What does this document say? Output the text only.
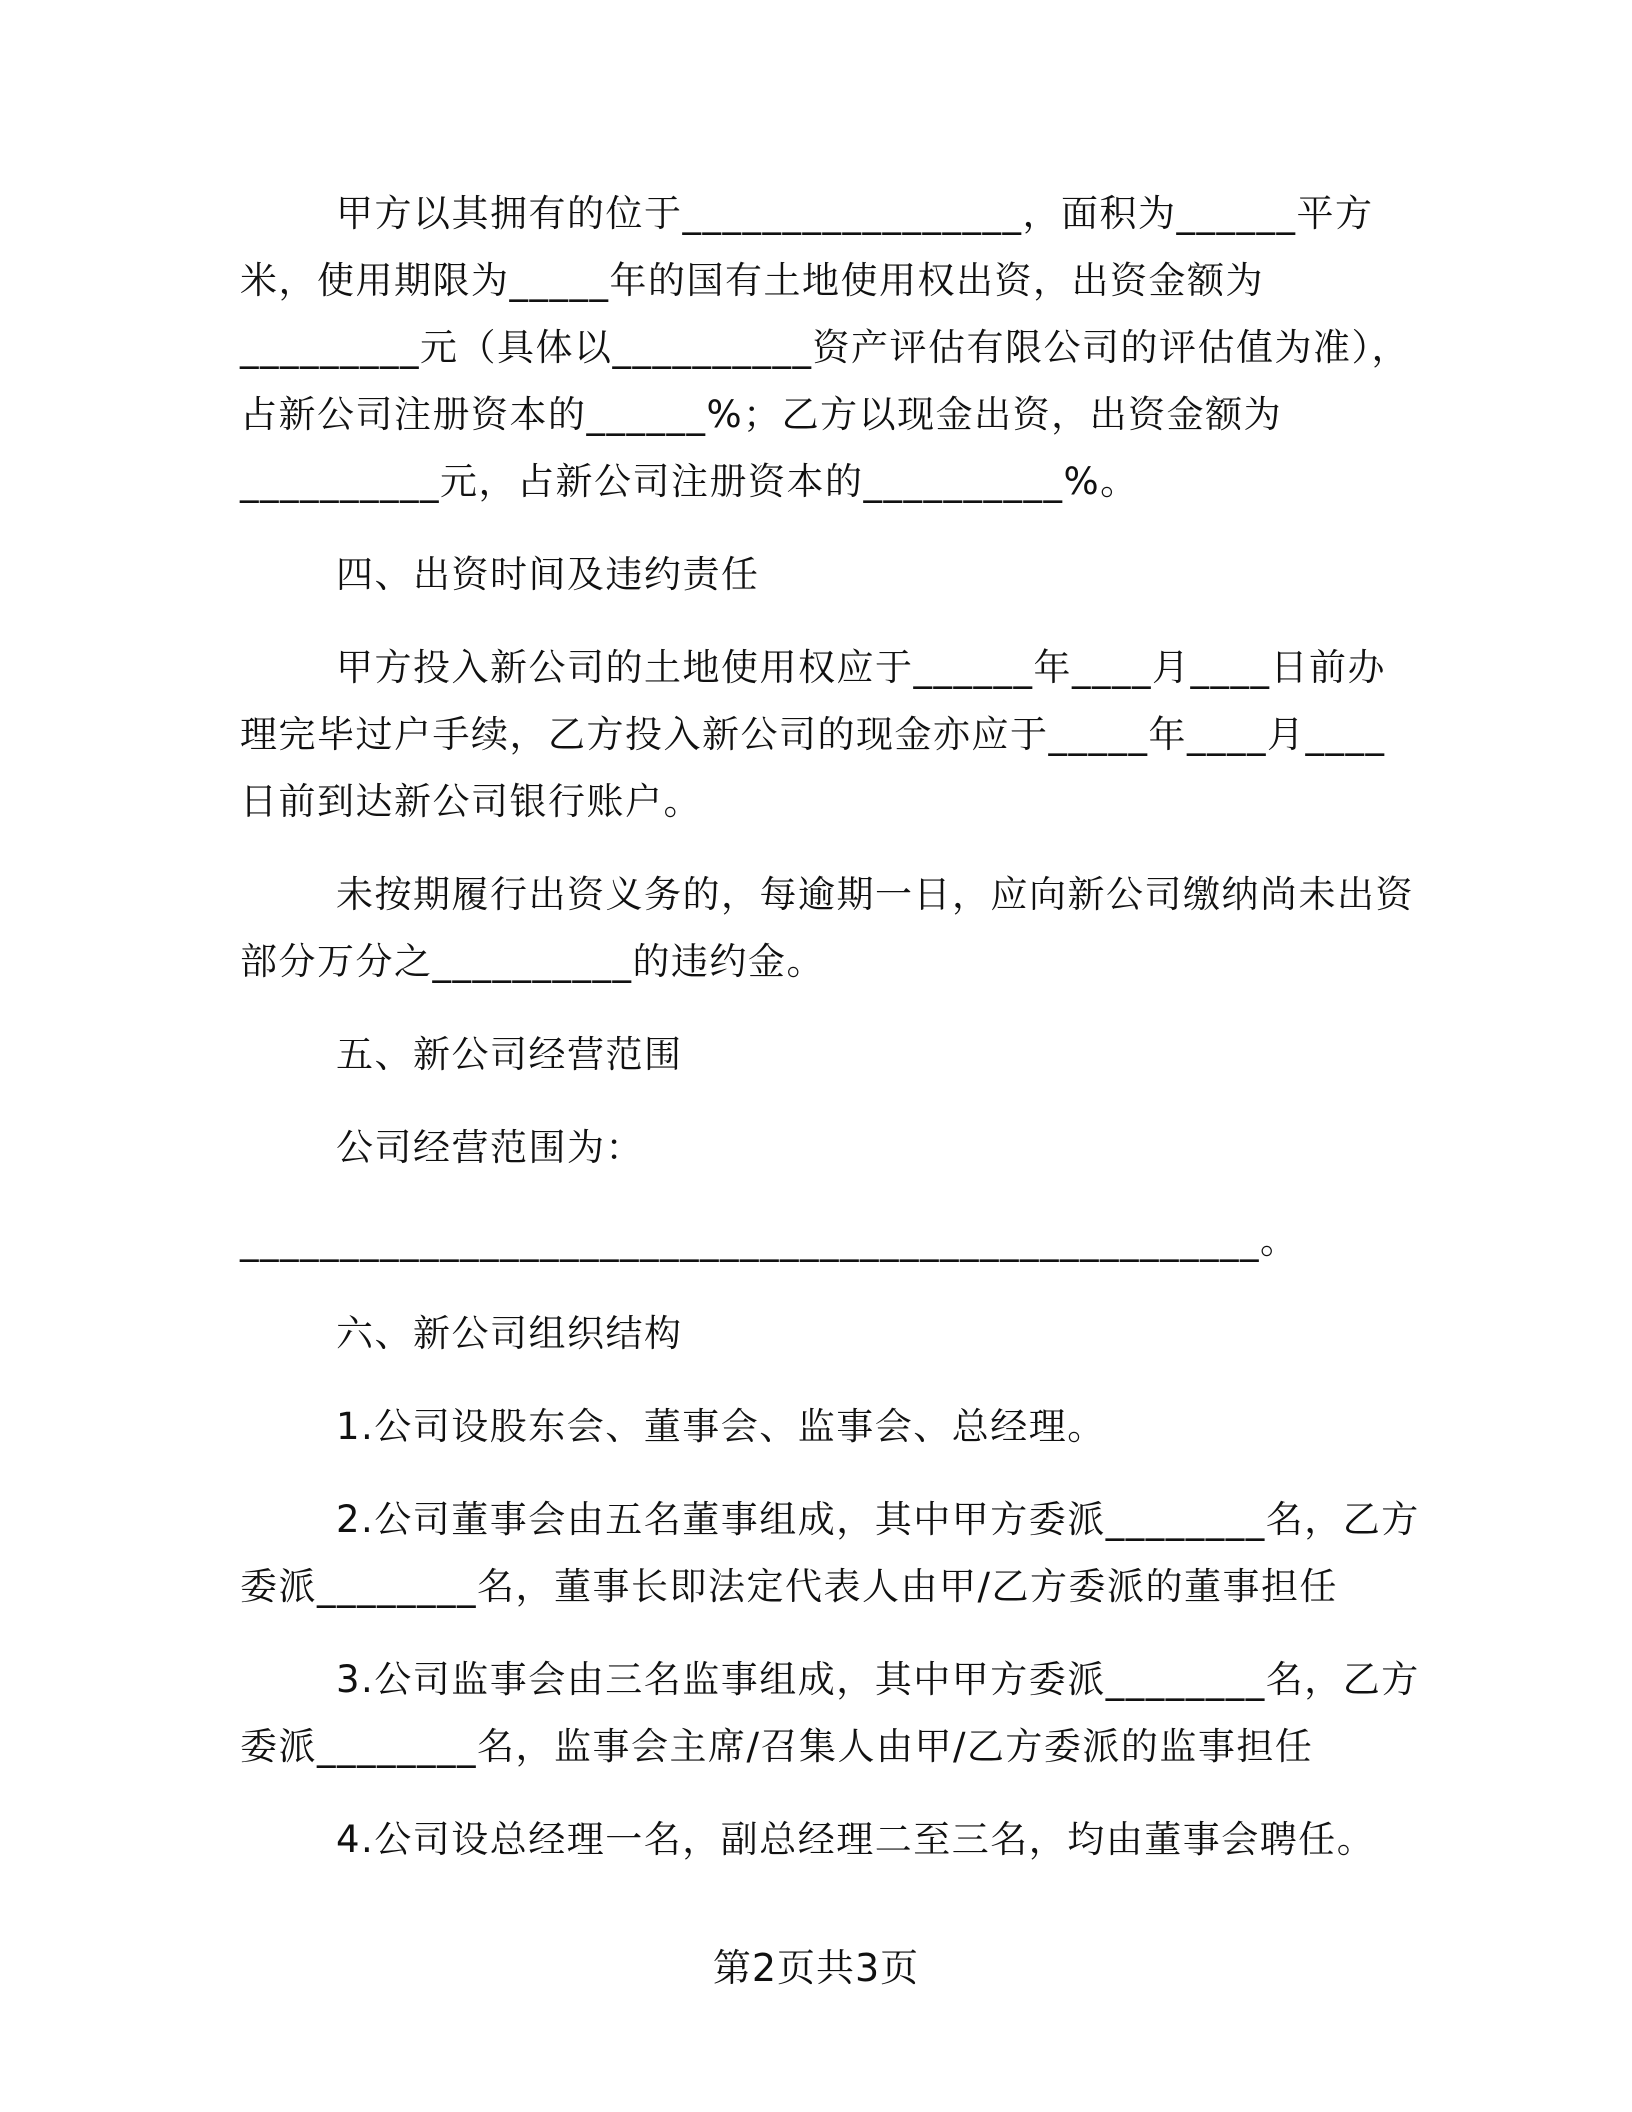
甲方以其拥有的位于_________________，面积为______平方
米，使用期限为_____年的国有土地使用权出资，出资金额为
_________元（具体以__________资产评估有限公司的评估值为准），
占新公司注册资本的______%；乙方以现金出资，出资金额为
__________元，占新公司注册资本的__________%。
四、出资时间及违约责任
甲方投入新公司的土地使用权应于______年____月____日前办
理完毕过户手续，乙方投入新公司的现金亦应于_____年____月____
日前到达新公司银行账户。
未按期履行出资义务的，每逾期一日，应向新公司缴纳尚未出资
部分万分之__________的违约金。
五、新公司经营范围
公司经营范围为：
___________________________________________________。
六、新公司组织结构
1.公司设股东会、董事会、监事会、总经理。
2.公司董事会由五名董事组成，其中甲方委派________名，乙方
委派________名，董事长即法定代表人由甲/乙方委派的董事担任
3.公司监事会由三名监事组成，其中甲方委派________名，乙方
委派________名，监事会主席/召集人由甲/乙方委派的监事担任
4.公司设总经理一名，副总经理二至三名，均由董事会聘任。
第2页共3页
